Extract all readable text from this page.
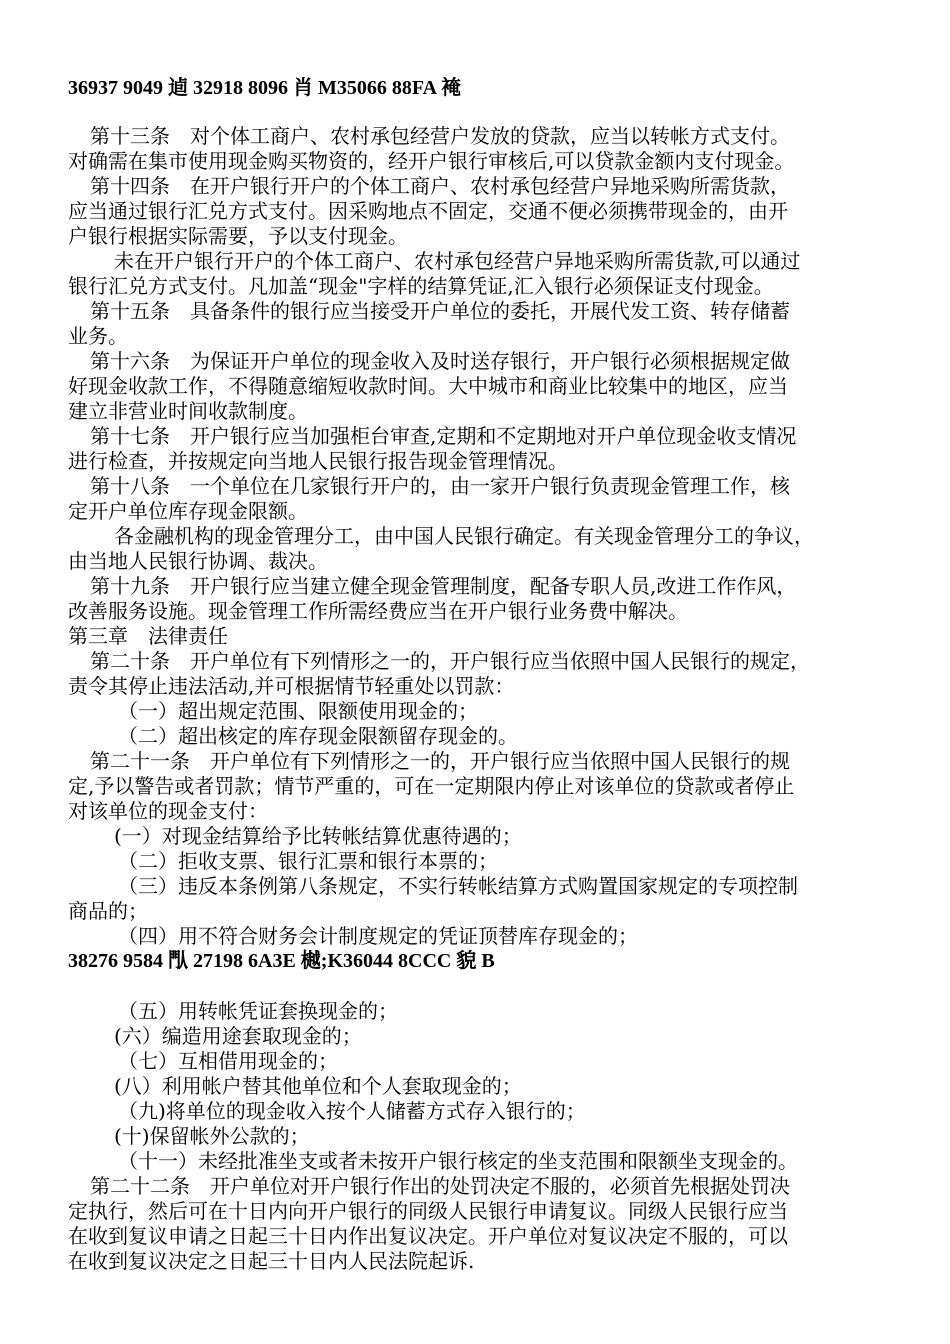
36937 9049 逌 32918 8096 肖 M35066 88FA 裺
第十三条　对个体工商户、农村承包经营户发放的贷款，应当以转帐方式支付。
对确需在集市使用现金购买物资的，经开户银行审核后,可以贷款金额内支付现金。
第十四条　在开户银行开户的个体工商户、农村承包经营户异地采购所需货款，
应当通过银行汇兑方式支付。因采购地点不固定，交通不便必须携带现金的，由开
户银行根据实际需要，予以支付现金。
未在开户银行开户的个体工商户、农村承包经营户异地采购所需货款,可以通过
银行汇兑方式支付。凡加盖“现金"字样的结算凭证,汇入银行必须保证支付现金。
第十五条　具备条件的银行应当接受开户单位的委托，开展代发工资、转存储蓄
业务。
第十六条　为保证开户单位的现金收入及时送存银行，开户银行必须根据规定做
好现金收款工作，不得随意缩短收款时间。大中城市和商业比较集中的地区，应当
建立非营业时间收款制度。
第十七条　开户银行应当加强柜台审查,定期和不定期地对开户单位现金收支情况
进行检查，并按规定向当地人民银行报告现金管理情况。
第十八条　一个单位在几家银行开户的，由一家开户银行负责现金管理工作，核
定开户单位库存现金限额。
各金融机构的现金管理分工，由中国人民银行确定。有关现金管理分工的争议，
由当地人民银行协调、裁决。
第十九条　开户银行应当建立健全现金管理制度，配备专职人员,改进工作作风，
改善服务设施。现金管理工作所需经费应当在开户银行业务费中解决。
第三章　法律责任
第二十条　开户单位有下列情形之一的，开户银行应当依照中国人民银行的规定，
责令其停止违法活动,并可根据情节轻重处以罚款：
（一）超出规定范围、限额使用现金的；
（二）超出核定的库存现金限额留存现金的。
第二十一条　开户单位有下列情形之一的，开户银行应当依照中国人民银行的规
定,予以警告或者罚款；情节严重的，可在一定期限内停止对该单位的贷款或者停止
对该单位的现金支付：
(一）对现金结算给予比转帐结算优惠待遇的；
（二）拒收支票、银行汇票和银行本票的；
（三）违反本条例第八条规定，不实行转帐结算方式购置国家规定的专项控制
商品的；
（四）用不符合财务会计制度规定的凭证顶替库存现金的；
38276 9584 閄 27198 6A3E 樾;K36044 8CCC 貌 B
（五）用转帐凭证套换现金的；
(六）编造用途套取现金的；
（七）互相借用现金的；
(八）利用帐户替其他单位和个人套取现金的；
（九)将单位的现金收入按个人储蓄方式存入银行的；
(十)保留帐外公款的；
（十一）未经批准坐支或者未按开户银行核定的坐支范围和限额坐支现金的。
第二十二条　开户单位对开户银行作出的处罚决定不服的，必须首先根据处罚决
定执行，然后可在十日内向开户银行的同级人民银行申请复议。同级人民银行应当
在收到复议申请之日起三十日内作出复议决定。开户单位对复议决定不服的，可以
在收到复议决定之日起三十日内人民法院起诉.
